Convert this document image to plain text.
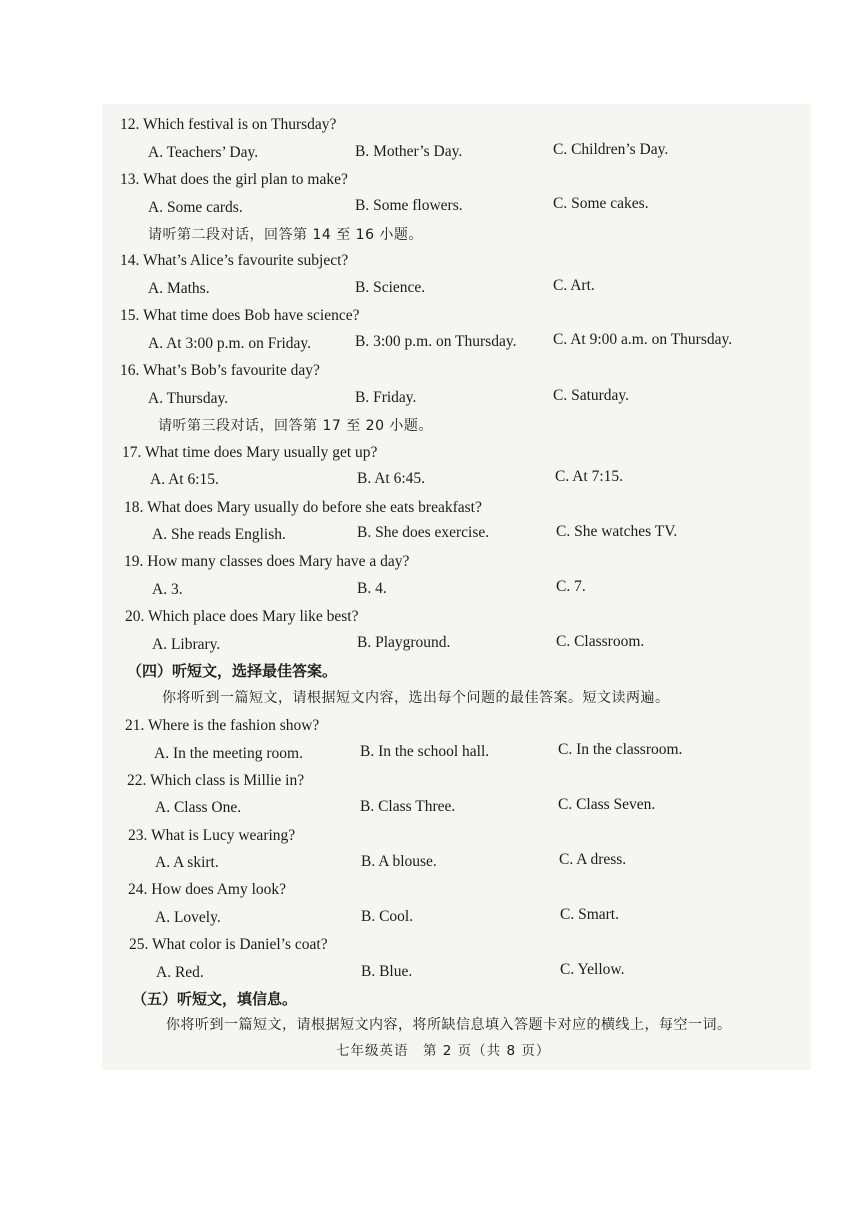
12. Which festival is on Thursday?
A. Teachers’ Day.	B. Mother’s Day.	C. Children’s Day.
13. What does the girl plan to make?
A. Some cards.	B. Some flowers.	C. Some cakes.
请听第二段对话，回答第 14 至 16 小题。
14. What’s Alice’s favourite subject?
A. Maths.	B. Science.	C. Art.
15. What time does Bob have science?
A. At 3:00 p.m. on Friday.	B. 3:00 p.m. on Thursday. C. At 9:00 a.m. on Thursday.
16. What’s Bob’s favourite day?
A. Thursday.	B. Friday.	C. Saturday.
请听第三段对话，回答第 17 至 20 小题。
17. What time does Mary usually get up?
A. At 6:15.	B. At 6:45.	C. At 7:15.
18. What does Mary usually do before she eats breakfast?
A. She reads English.	B. She does exercise.	C. She watches TV.
19. How many classes does Mary have a day?
A. 3.	B. 4.	C. 7.
20. Which place does Mary like best?
A. Library.	B. Playground.	C. Classroom.
（四）听短文，选择最佳答案。
你将听到一篇短文，请根据短文内容，选出每个问题的最佳答案。短文读两遍。
21. Where is the fashion show?
A. In the meeting room.	B. In the school hall.	C. In the classroom.
22. Which class is Millie in?
A. Class One.	B. Class Three.	C. Class Seven.
23. What is Lucy wearing?
A. A skirt.	B. A blouse.	C. A dress.
24. How does Amy look?
A. Lovely.	B. Cool.	C. Smart.
25. What color is Daniel’s coat?
A. Red.	B. Blue.	C. Yellow.
（五）听短文，填信息。
你将听到一篇短文，请根据短文内容，将所缺信息填入答题卡对应的横线上，每空一词。
七年级英语　第 2 页（共 8 页）
